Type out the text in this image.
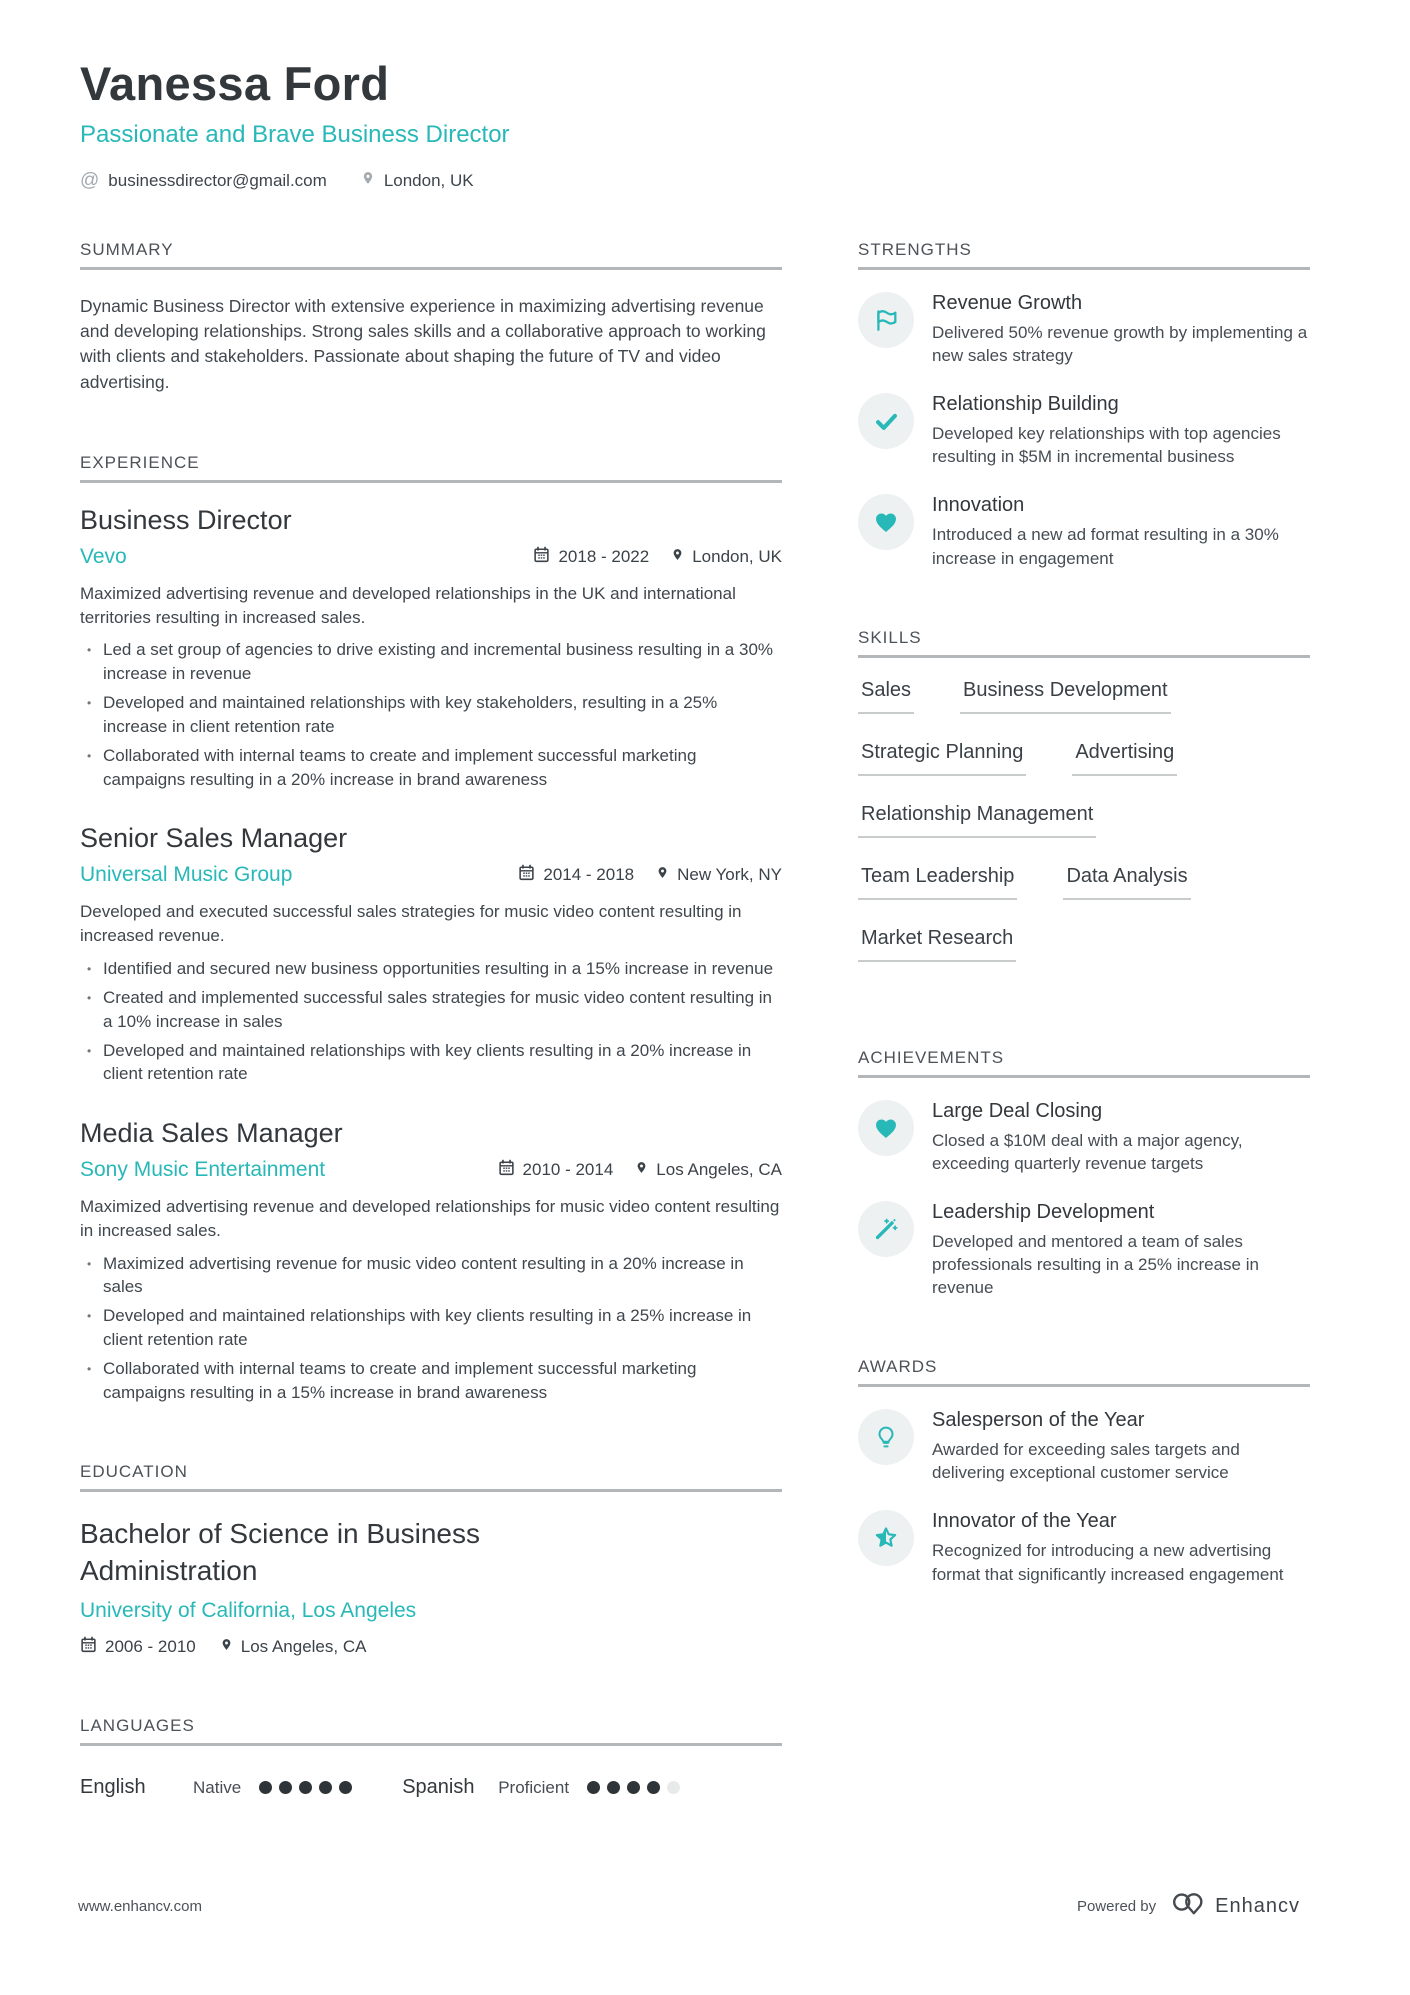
Vanessa Ford
Passionate and Brave Business Director
@ businessdirector@gmail.com	London, UK
SUMMARY
Dynamic Business Director with extensive experience in maximizing advertising revenue and developing relationships. Strong sales skills and a collaborative approach to working with clients and stakeholders. Passionate about shaping the future of TV and video advertising.
EXPERIENCE
Business Director
Vevo	2018 - 2022	London, UK
Maximized advertising revenue and developed relationships in the UK and international territories resulting in increased sales.
• Led a set group of agencies to drive existing and incremental business resulting in a 30% increase in revenue
• Developed and maintained relationships with key stakeholders, resulting in a 25% increase in client retention rate
• Collaborated with internal teams to create and implement successful marketing campaigns resulting in a 20% increase in brand awareness
Senior Sales Manager
Universal Music Group	2014 - 2018	New York, NY
Developed and executed successful sales strategies for music video content resulting in increased revenue.
• Identified and secured new business opportunities resulting in a 15% increase in revenue
• Created and implemented successful sales strategies for music video content resulting in a 10% increase in sales
• Developed and maintained relationships with key clients resulting in a 20% increase in client retention rate
Media Sales Manager
Sony Music Entertainment	2010 - 2014	Los Angeles, CA
Maximized advertising revenue and developed relationships for music video content resulting in increased sales.
• Maximized advertising revenue for music video content resulting in a 20% increase in sales
• Developed and maintained relationships with key clients resulting in a 25% increase in client retention rate
• Collaborated with internal teams to create and implement successful marketing campaigns resulting in a 15% increase in brand awareness
EDUCATION
Bachelor of Science in Business Administration
University of California, Los Angeles
2006 - 2010	Los Angeles, CA
LANGUAGES
English	Native	Spanish	Proficient
STRENGTHS
Revenue Growth
Delivered 50% revenue growth by implementing a new sales strategy
Relationship Building
Developed key relationships with top agencies resulting in $5M in incremental business
Innovation
Introduced a new ad format resulting in a 30% increase in engagement
SKILLS
Sales	Business Development
Strategic Planning	Advertising
Relationship Management
Team Leadership	Data Analysis
Market Research
ACHIEVEMENTS
Large Deal Closing
Closed a $10M deal with a major agency, exceeding quarterly revenue targets
Leadership Development
Developed and mentored a team of sales professionals resulting in a 25% increase in revenue
AWARDS
Salesperson of the Year
Awarded for exceeding sales targets and delivering exceptional customer service
Innovator of the Year
Recognized for introducing a new advertising format that significantly increased engagement
www.enhancv.com	Powered by	Enhancv
